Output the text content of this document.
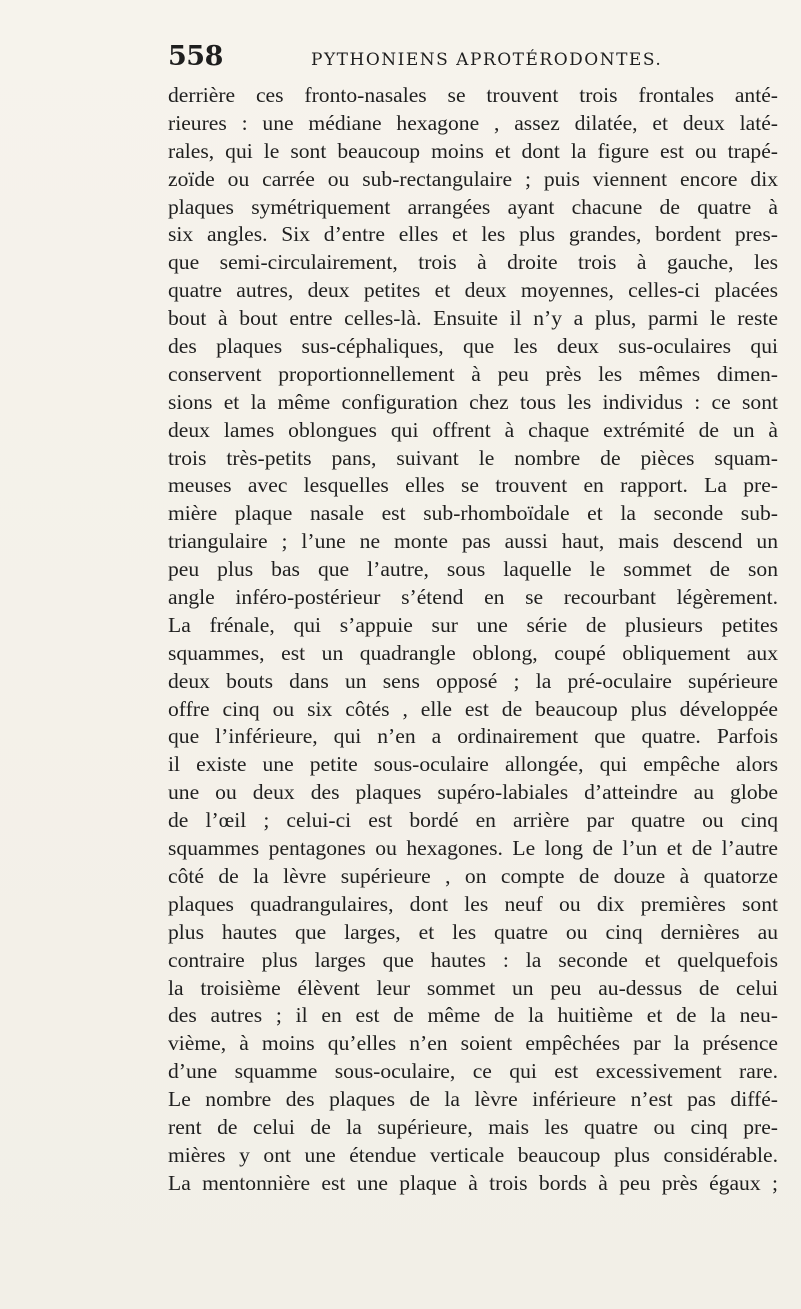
558	PYTHONIENS APROTÉRODONTES.
derrière ces fronto-nasales se trouvent trois frontales anté-
rieures : une médiane hexagone , assez dilatée, et deux laté-
rales, qui le sont beaucoup moins et dont la figure est ou trapé-
zoïde ou carrée ou sub-rectangulaire ; puis viennent encore dix
plaques symétriquement arrangées ayant chacune de quatre à
six angles. Six d’entre elles et les plus grandes, bordent pres-
que semi-circulairement, trois à droite trois à gauche, les
quatre autres, deux petites et deux moyennes, celles-ci placées
bout à bout entre celles-là. Ensuite il n’y a plus, parmi le reste
des plaques sus-céphaliques, que les deux sus-oculaires qui
conservent proportionnellement à peu près les mêmes dimen-
sions et la même configuration chez tous les individus : ce sont
deux lames oblongues qui offrent à chaque extrémité de un à
trois très-petits pans, suivant le nombre de pièces squam-
meuses avec lesquelles elles se trouvent en rapport. La pre-
mière plaque nasale est sub-rhomboïdale et la seconde sub-
triangulaire ; l’une ne monte pas aussi haut, mais descend un
peu plus bas que l’autre, sous laquelle le sommet de son
angle inféro-postérieur s’étend en se recourbant légèrement.
La frénale, qui s’appuie sur une série de plusieurs petites
squammes, est un quadrangle oblong, coupé obliquement aux
deux bouts dans un sens opposé ; la pré-oculaire supérieure
offre cinq ou six côtés , elle est de beaucoup plus développée
que l’inférieure, qui n’en a ordinairement que quatre. Parfois
il existe une petite sous-oculaire allongée, qui empêche alors
une ou deux des plaques supéro-labiales d’atteindre au globe
de l’œil ; celui-ci est bordé en arrière par quatre ou cinq
squammes pentagones ou hexagones. Le long de l’un et de l’autre
côté de la lèvre supérieure , on compte de douze à quatorze
plaques quadrangulaires, dont les neuf ou dix premières sont
plus hautes que larges, et les quatre ou cinq dernières au
contraire plus larges que hautes : la seconde et quelquefois
la troisième élèvent leur sommet un peu au-dessus de celui
des autres ; il en est de même de la huitième et de la neu-
vième, à moins qu’elles n’en soient empêchées par la présence
d’une squamme sous-oculaire, ce qui est excessivement rare.
Le nombre des plaques de la lèvre inférieure n’est pas diffé-
rent de celui de la supérieure, mais les quatre ou cinq pre-
mières y ont une étendue verticale beaucoup plus considérable.
La mentonnière est une plaque à trois bords à peu près égaux ;
